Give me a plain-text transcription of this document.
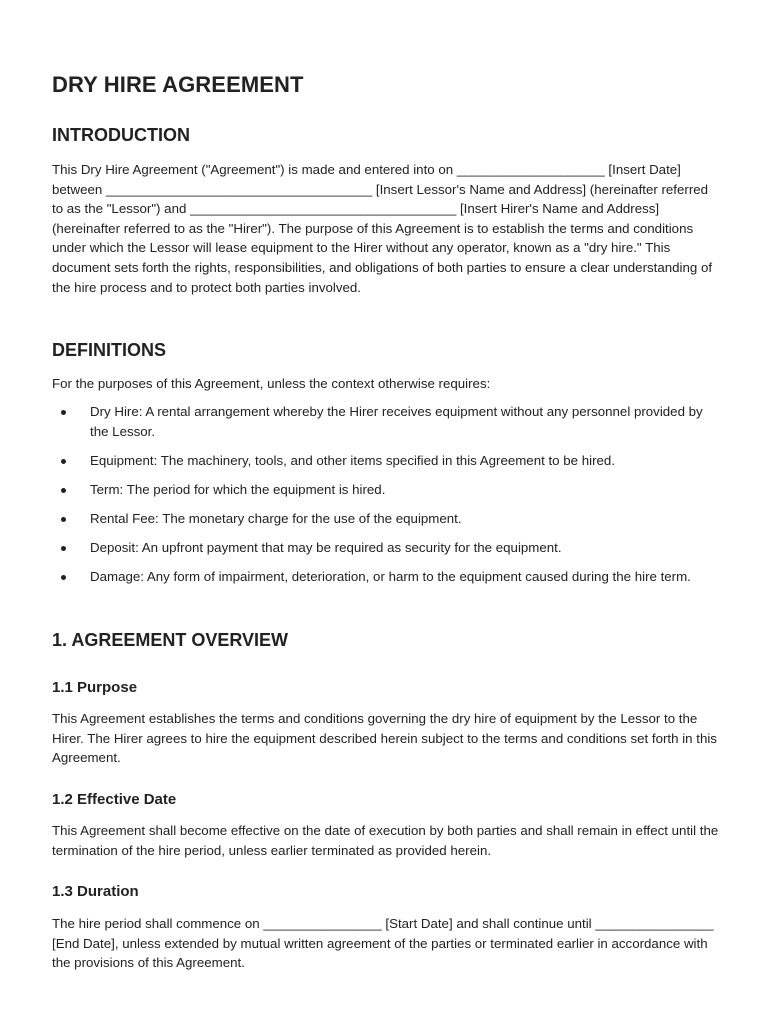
DRY HIRE AGREEMENT
INTRODUCTION

This Dry Hire Agreement ("Agreement") is made and entered into on ____________________ [Insert Date] between ____________________________________ [Insert Lessor's Name and Address] (hereinafter referred to as the "Lessor") and ____________________________________ [Insert Hirer's Name and Address] (hereinafter referred to as the "Hirer"). The purpose of this Agreement is to establish the terms and conditions under which the Lessor will lease equipment to the Hirer without any operator, known as a "dry hire." This document sets forth the rights, responsibilities, and obligations of both parties to ensure a clear understanding of the hire process and to protect both parties involved.

DEFINITIONS

For the purposes of this Agreement, unless the context otherwise requires:

Dry Hire: A rental arrangement whereby the Hirer receives equipment without any personnel provided by the Lessor.
Equipment: The machinery, tools, and other items specified in this Agreement to be hired.
Term: The period for which the equipment is hired.
Rental Fee: The monetary charge for the use of the equipment.
Deposit: An upfront payment that may be required as security for the equipment.
Damage: Any form of impairment, deterioration, or harm to the equipment caused during the hire term.
1. AGREEMENT OVERVIEW
1.1 Purpose

This Agreement establishes the terms and conditions governing the dry hire of equipment by the Lessor to the Hirer. The Hirer agrees to hire the equipment described herein subject to the terms and conditions set forth in this Agreement.

1.2 Effective Date

This Agreement shall become effective on the date of execution by both parties and shall remain in effect until the termination of the hire period, unless earlier terminated as provided herein.

1.3 Duration

The hire period shall commence on ________________ [Start Date] and shall continue until ________________ [End Date], unless extended by mutual written agreement of the parties or terminated earlier in accordance with the provisions of this Agreement.
